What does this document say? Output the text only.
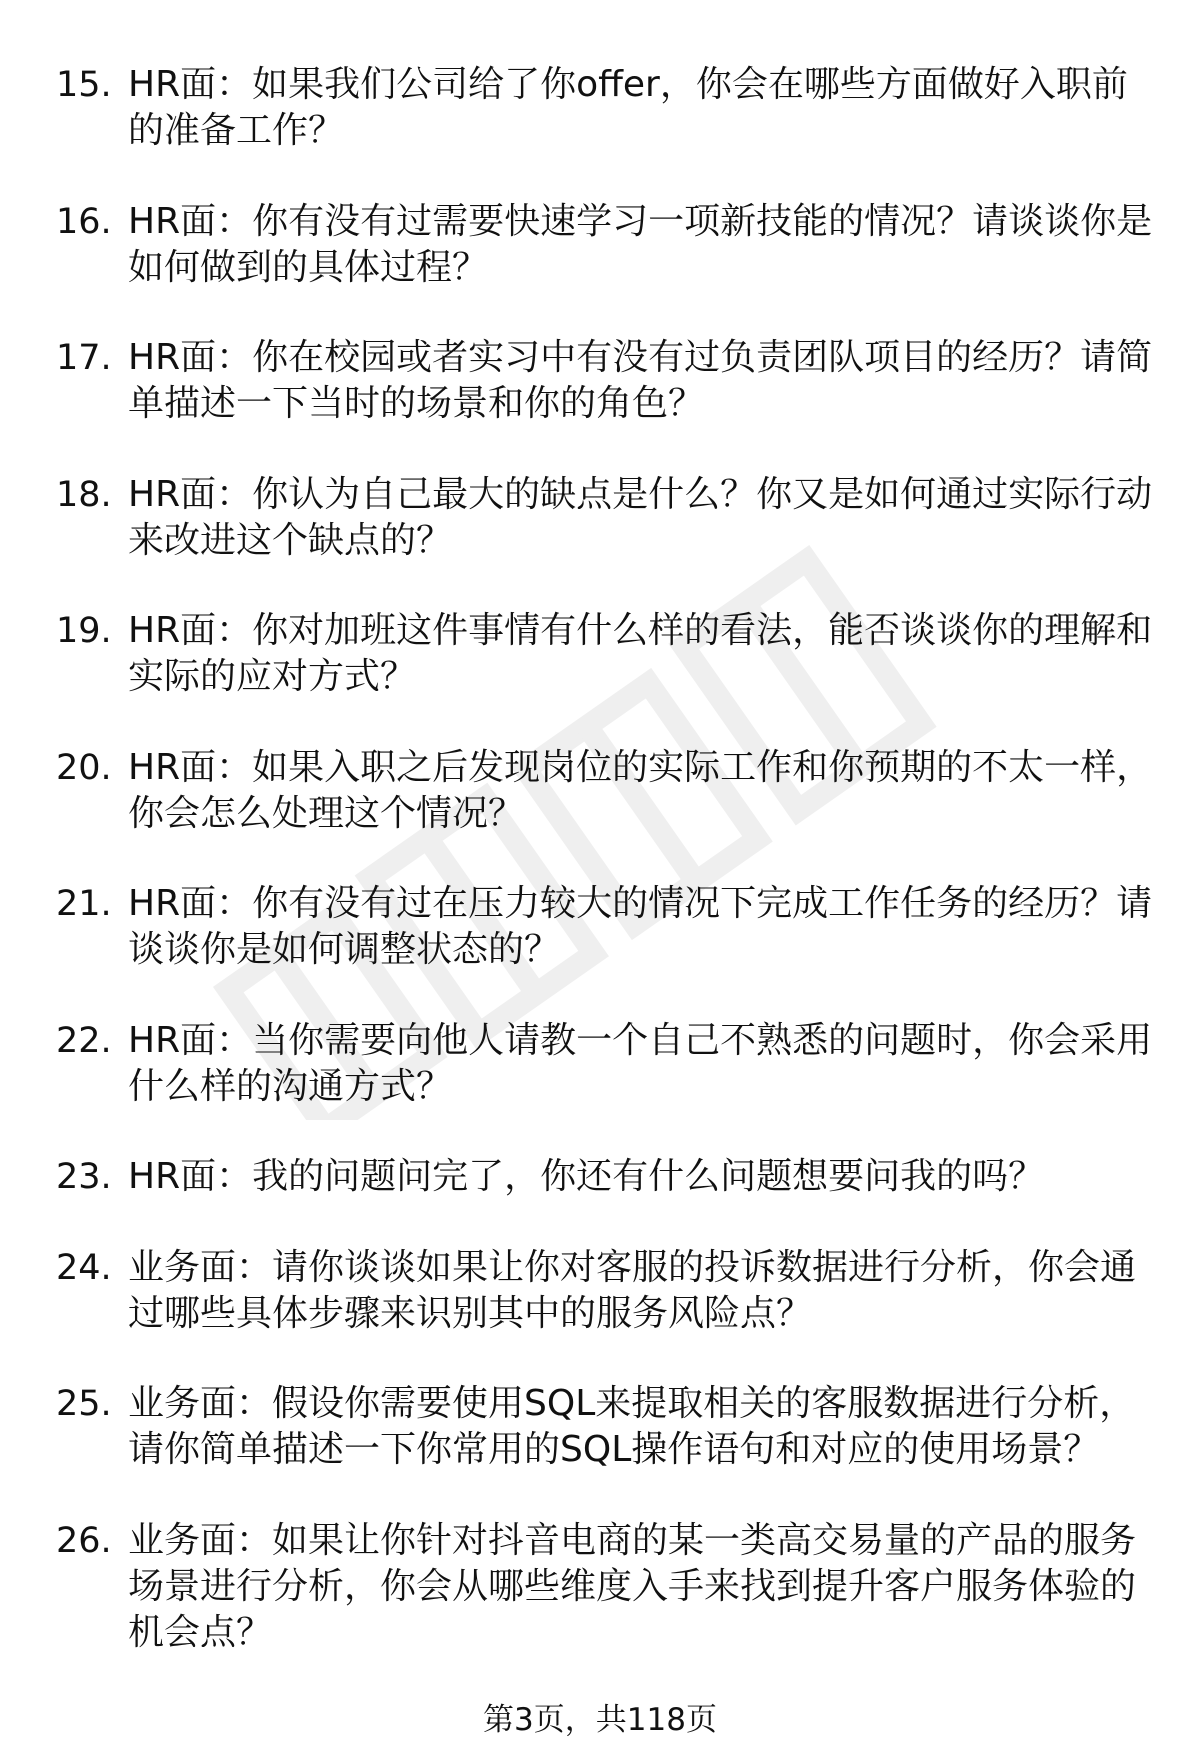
15. HR面：如果我们公司给了你offer，你会在哪些方面做好入职前的准备工作？
16. HR面：你有没有过需要快速学习一项新技能的情况？请谈谈你是如何做到的具体过程？
17. HR面：你在校园或者实习中有没有过负责团队项目的经历？请简单描述一下当时的场景和你的角色？
18. HR面：你认为自己最大的缺点是什么？你又是如何通过实际行动来改进这个缺点的？
19. HR面：你对加班这件事情有什么样的看法，能否谈谈你的理解和实际的应对方式？
20. HR面：如果入职之后发现岗位的实际工作和你预期的不太一样，你会怎么处理这个情况？
21. HR面：你有没有过在压力较大的情况下完成工作任务的经历？请谈谈你是如何调整状态的？
22. HR面：当你需要向他人请教一个自己不熟悉的问题时，你会采用什么样的沟通方式？
23. HR面：我的问题问完了，你还有什么问题想要问我的吗？
24. 业务面：请你谈谈如果让你对客服的投诉数据进行分析，你会通过哪些具体步骤来识别其中的服务风险点？
25. 业务面：假设你需要使用SQL来提取相关的客服数据进行分析，请你简单描述一下你常用的SQL操作语句和对应的使用场景？
26. 业务面：如果让你针对抖音电商的某一类高交易量的产品的服务场景进行分析，你会从哪些维度入手来找到提升客户服务体验的机会点？
第3页，共118页
